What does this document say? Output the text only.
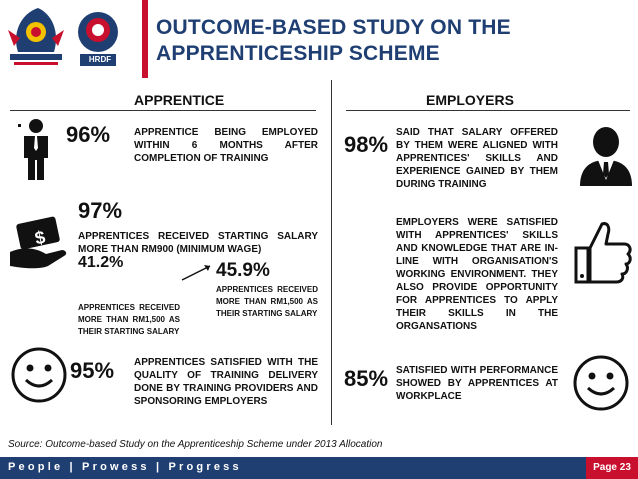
HRDF
OUTCOME-BASED STUDY ON THE
APPRENTICESHIP SCHEME
APPRENTICE	EMPLOYERS
96% APPRENTICE BEING EMPLOYED WITHIN 6 MONTHS AFTER COMPLETION OF TRAINING
$
97%
APPRENTICES RECEIVED STARTING SALARY MORE THAN RM900 (MINIMUM WAGE)
41.2%
APPRENTICES RECEIVED MORE THAN RM1,500 AS THEIR STARTING SALARY
45.9%
APPRENTICES RECEIVED MORE THAN RM1,500 AS THEIR STARTING SALARY
95% APPRENTICES SATISFIED WITH THE QUALITY OF TRAINING DELIVERY DONE BY TRAINING PROVIDERS AND SPONSORING EMPLOYERS
98% SAID THAT SALARY OFFERED BY THEM WERE ALIGNED WITH APPRENTICES' SKILLS AND EXPERIENCE GAINED BY THEM DURING TRAINING
EMPLOYERS WERE SATISFIED WITH APPRENTICES' SKILLS AND KNOWLEDGE THAT ARE IN-LINE WITH ORGANISATION'S WORKING ENVIRONMENT. THEY ALSO PROVIDE OPPORTUNITY FOR APPRENTICES TO APPLY THEIR SKILLS IN THE ORGANSATIONS
85% SATISFIED WITH PERFORMANCE SHOWED BY APPRENTICES AT WORKPLACE
Source: Outcome-based Study on the Apprenticeship Scheme under 2013 Allocation
People | Prowess | Progress	Page 23
